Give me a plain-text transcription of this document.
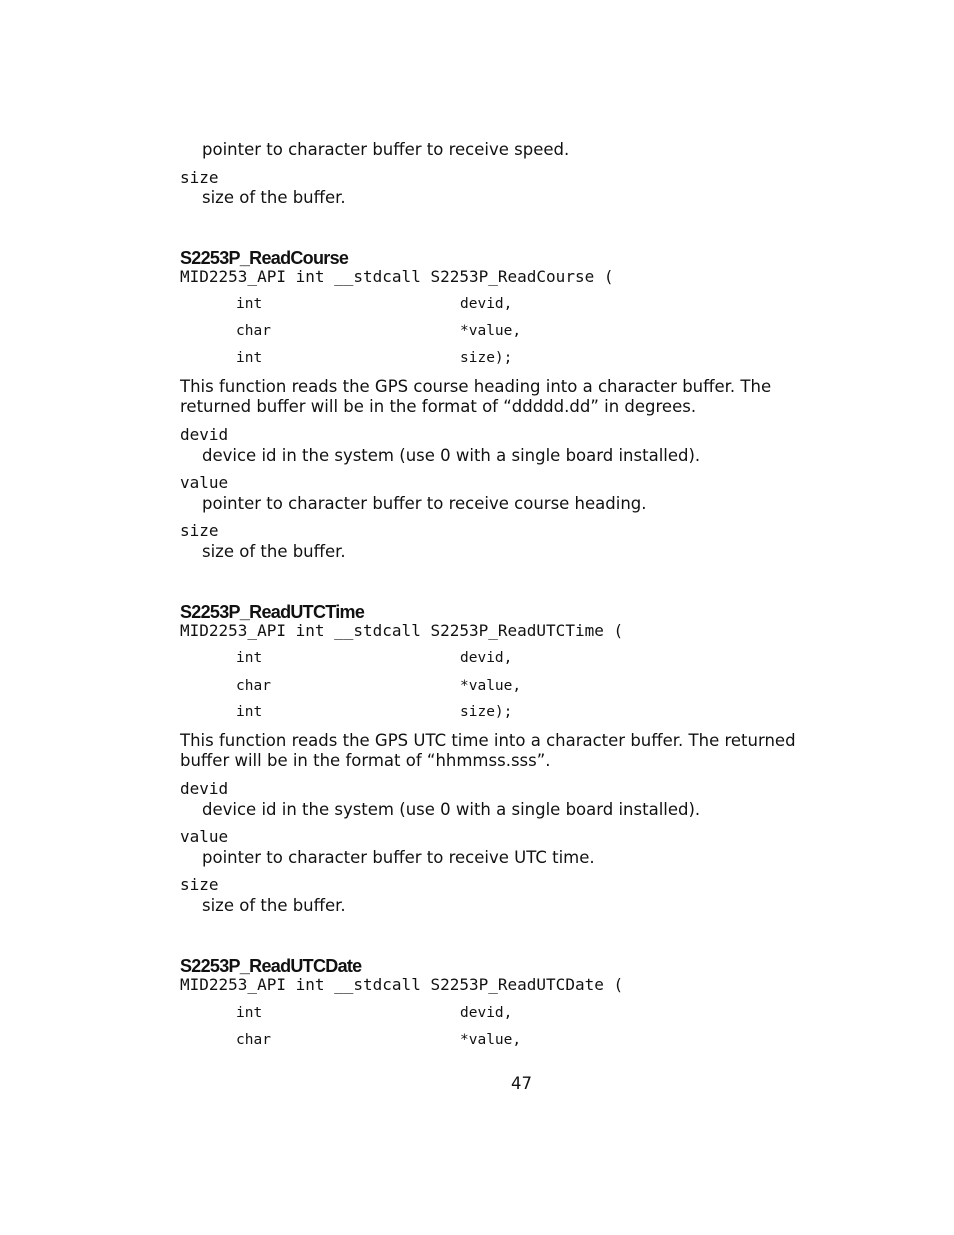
pointer to character buffer to receive speed.
size
size of the buffer.
S2253P_ReadCourse
MID2253_API int __stdcall S2253P_ReadCourse (
int	devid,
char	*value,
int	size);
This function reads the GPS course heading into a character buffer. The returned buffer will be in the format of “ddddd.dd” in degrees.
devid
device id in the system (use 0 with a single board installed).
value
pointer to character buffer to receive course heading.
size
size of the buffer.
S2253P_ReadUTCTime
MID2253_API int __stdcall S2253P_ReadUTCTime (
int	devid,
char	*value,
int	size);
This function reads the GPS UTC time into a character buffer. The returned buffer will be in the format of “hhmmss.sss”.
devid
device id in the system (use 0 with a single board installed).
value
pointer to character buffer to receive UTC time.
size
size of the buffer.
S2253P_ReadUTCDate
MID2253_API int __stdcall S2253P_ReadUTCDate (
int	devid,
char	*value,
47
